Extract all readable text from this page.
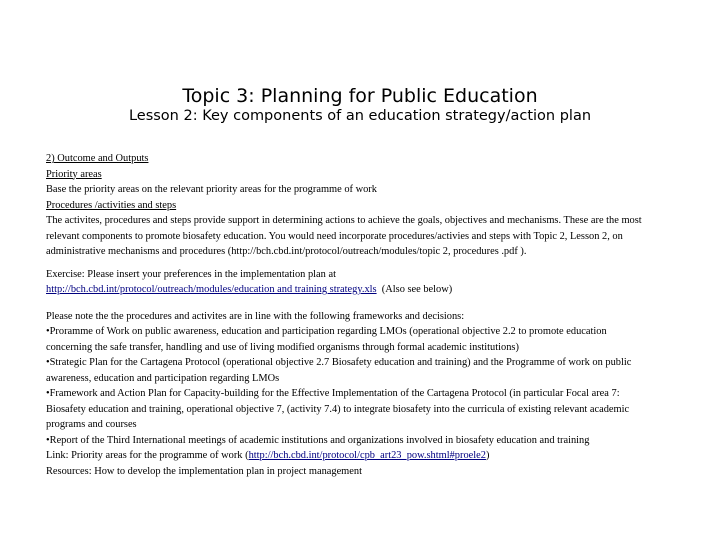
Topic 3: Planning for Public Education
Lesson 2: Key components of an education strategy/action plan

2) Outcome and Outputs

Priority areas

Base the priority areas on the relevant priority areas for the programme of work

Procedures /activities and steps

The activites, procedures and steps provide support in determining actions to achieve the goals, objectives and mechanisms. These are the most relevant components to promote biosafety education. You would need incorporate procedures/activies and steps with Topic 2, Lesson 2, on administrative mechanisms and procedures (http://bch.cbd.int/protocol/outreach/modules/topic 2, procedures .pdf ).

Exercise: Please insert your preferences in the implementation plan at
http://bch.cbd.int/protocol/outreach/modules/education and training strategy.xls (Also see below)

Please note the the procedures and activites are in line with the following frameworks and decisions:

•Proramme of Work on public awareness, education and participation regarding LMOs (operational objective 2.2 to promote education concerning the safe transfer, handling and use of living modified organisms through formal academic institutions)

•Strategic Plan for the Cartagena Protocol (operational objective 2.7 Biosafety education and training) and the Programme of work on public awareness, education and participation regarding LMOs

•Framework and Action Plan for Capacity-building for the Effective Implementation of the Cartagena Protocol (in particular Focal area 7: Biosafety education and training, operational objective 7, (activity 7.4) to integrate biosafety into the curricula of existing relevant academic programs and courses

•Report of the Third International meetings of academic institutions and organizations involved in biosafety education and training

Link: Priority areas for the programme of work (http://bch.cbd.int/protocol/cpb_art23_pow.shtml#proele2)

Resources: How to develop the implementation plan in project management
